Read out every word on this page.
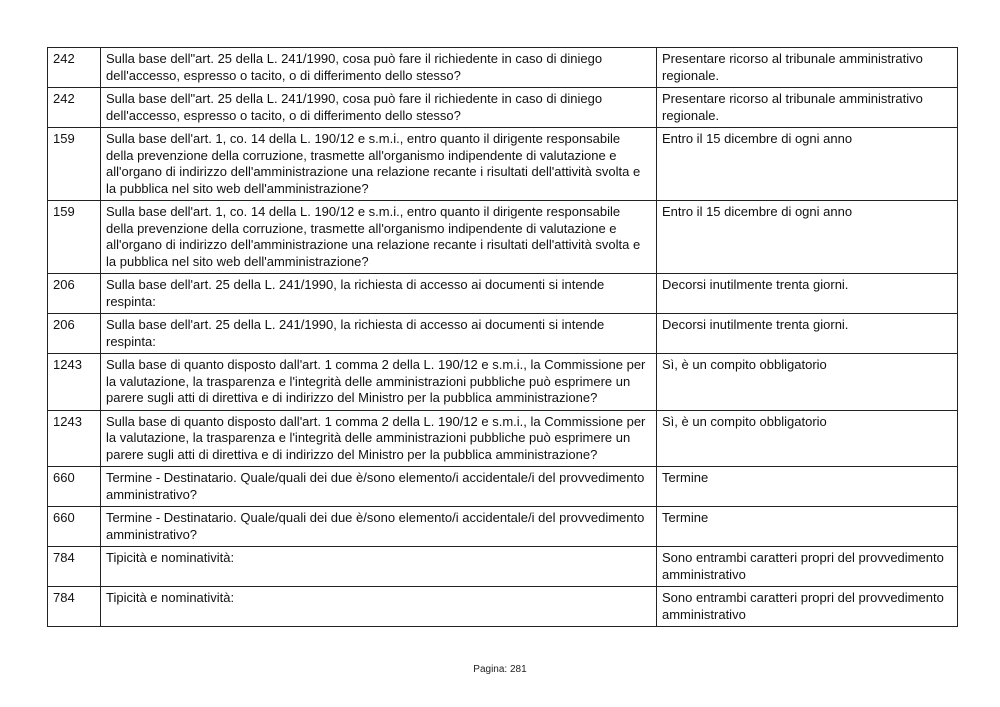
242	Sulla base dell"art. 25 della L. 241/1990, cosa può fare il richiedente in caso di diniego dell'accesso, espresso o tacito, o di differimento dello stesso?	Presentare ricorso al tribunale amministrativo regionale.
242	Sulla base dell"art. 25 della L. 241/1990, cosa può fare il richiedente in caso di diniego dell'accesso, espresso o tacito, o di differimento dello stesso?	Presentare ricorso al tribunale amministrativo regionale.
159	Sulla base dell'art. 1, co. 14 della L. 190/12 e s.m.i., entro quanto il dirigente responsabile della prevenzione della corruzione, trasmette all'organismo indipendente di valutazione e all'organo di indirizzo dell'amministrazione una relazione recante i risultati dell'attività svolta e la pubblica nel sito web dell'amministrazione?	Entro il 15 dicembre di ogni anno
159	Sulla base dell'art. 1, co. 14 della L. 190/12 e s.m.i., entro quanto il dirigente responsabile della prevenzione della corruzione, trasmette all'organismo indipendente di valutazione e all'organo di indirizzo dell'amministrazione una relazione recante i risultati dell'attività svolta e la pubblica nel sito web dell'amministrazione?	Entro il 15 dicembre di ogni anno
206	Sulla base dell'art. 25 della L. 241/1990, la richiesta di accesso ai documenti si intende respinta:	Decorsi inutilmente trenta giorni.
206	Sulla base dell'art. 25 della L. 241/1990, la richiesta di accesso ai documenti si intende respinta:	Decorsi inutilmente trenta giorni.
1243	Sulla base di quanto disposto dall'art. 1 comma 2 della L. 190/12 e s.m.i., la Commissione per la valutazione, la trasparenza e l'integrità delle amministrazioni pubbliche può esprimere un parere sugli atti di direttiva e di indirizzo del Ministro per la pubblica amministrazione?	Sì, è un compito obbligatorio
1243	Sulla base di quanto disposto dall'art. 1 comma 2 della L. 190/12 e s.m.i., la Commissione per la valutazione, la trasparenza e l'integrità delle amministrazioni pubbliche può esprimere un parere sugli atti di direttiva e di indirizzo del Ministro per la pubblica amministrazione?	Sì, è un compito obbligatorio
660	Termine - Destinatario. Quale/quali dei due è/sono elemento/i accidentale/i del provvedimento amministrativo?	Termine
660	Termine - Destinatario. Quale/quali dei due è/sono elemento/i accidentale/i del provvedimento amministrativo?	Termine
784	Tipicità e nominatività:	Sono entrambi caratteri propri del provvedimento amministrativo
784	Tipicità e nominatività:	Sono entrambi caratteri propri del provvedimento amministrativo
Pagina: 281
